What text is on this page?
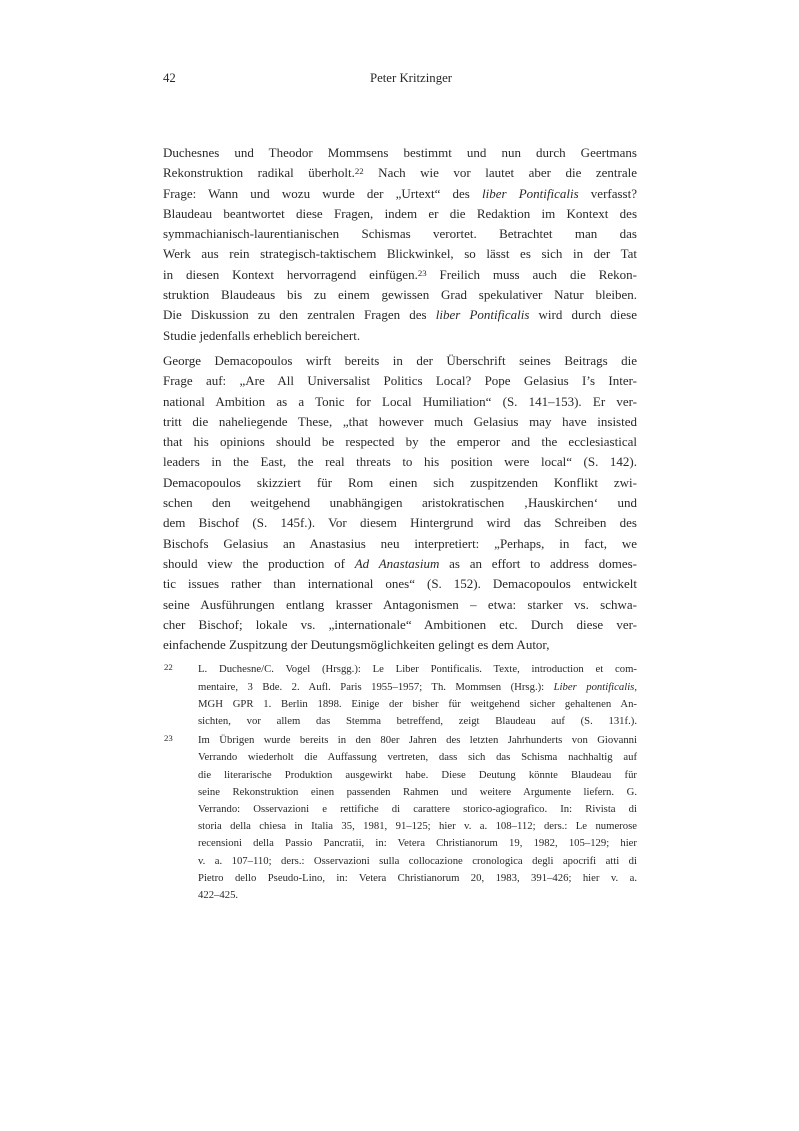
42	Peter Kritzinger
Duchesnes und Theodor Mommsens bestimmt und nun durch Geertmans
Rekonstruktion radikal überholt.$^{22}$ Nach wie vor lautet aber die zentrale
Frage: Wann und wozu wurde der „Urtext“ des liber Pontificalis verfasst?
Blaudeau beantwortet diese Fragen, indem er die Redaktion im Kontext des
symmachianisch-laurentianischen Schismas verortet. Betrachtet man das
Werk aus rein strategisch-taktischem Blickwinkel, so lässt es sich in der Tat
in diesen Kontext hervorragend einfügen.$^{23}$ Freilich muss auch die Rekon-
struktion Blaudeaus bis zu einem gewissen Grad spekulativer Natur bleiben.
Die Diskussion zu den zentralen Fragen des liber Pontificalis wird durch diese
Studie jedenfalls erheblich bereichert.
George Demacopoulos wirft bereits in der Überschrift seines Beitrags die
Frage auf: „Are All Universalist Politics Local? Pope Gelasius I’s Inter-
national Ambition as a Tonic for Local Humiliation“ (S. 141–153). Er ver-
tritt die naheliegende These, „that however much Gelasius may have insisted
that his opinions should be respected by the emperor and the ecclesiastical
leaders in the East, the real threats to his position were local“ (S. 142).
Demacopoulos skizziert für Rom einen sich zuspitzenden Konflikt zwi-
schen den weitgehend unabhängigen aristokratischen ‚Hauskirchen‘ und
dem Bischof (S. 145f.). Vor diesem Hintergrund wird das Schreiben des
Bischofs Gelasius an Anastasius neu interpretiert: „Perhaps, in fact, we
should view the production of Ad Anastasium as an effort to address domes-
tic issues rather than international ones“ (S. 152). Demacopoulos entwickelt
seine Ausführungen entlang krasser Antagonismen – etwa: starker vs. schwa-
cher Bischof; lokale vs. „internationale“ Ambitionen etc. Durch diese ver-
einfachende Zuspitzung der Deutungsmöglichkeiten gelingt es dem Autor,
22 L. Duchesne/C. Vogel (Hrsgg.): Le Liber Pontificalis. Texte, introduction et com-
mentaire, 3 Bde. 2. Aufl. Paris 1955–1957; Th. Mommsen (Hrsg.): Liber pontificalis,
MGH GPR 1. Berlin 1898. Einige der bisher für weitgehend sicher gehaltenen An-
sichten, vor allem das Stemma betreffend, zeigt Blaudeau auf (S. 131f.).
23 Im Übrigen wurde bereits in den 80er Jahren des letzten Jahrhunderts von Giovanni
Verrando wiederholt die Auffassung vertreten, dass sich das Schisma nachhaltig auf
die literarische Produktion ausgewirkt habe. Diese Deutung könnte Blaudeau für
seine Rekonstruktion einen passenden Rahmen und weitere Argumente liefern. G.
Verrando: Osservazioni e rettifiche di carattere storico-agiografico. In: Rivista di
storia della chiesa in Italia 35, 1981, 91–125; hier v. a. 108–112; ders.: Le numerose
recensioni della Passio Pancratii, in: Vetera Christianorum 19, 1982, 105–129; hier
v. a. 107–110; ders.: Osservazioni sulla collocazione cronologica degli apocrifi atti di
Pietro dello Pseudo-Lino, in: Vetera Christianorum 20, 1983, 391–426; hier v. a.
422–425.
